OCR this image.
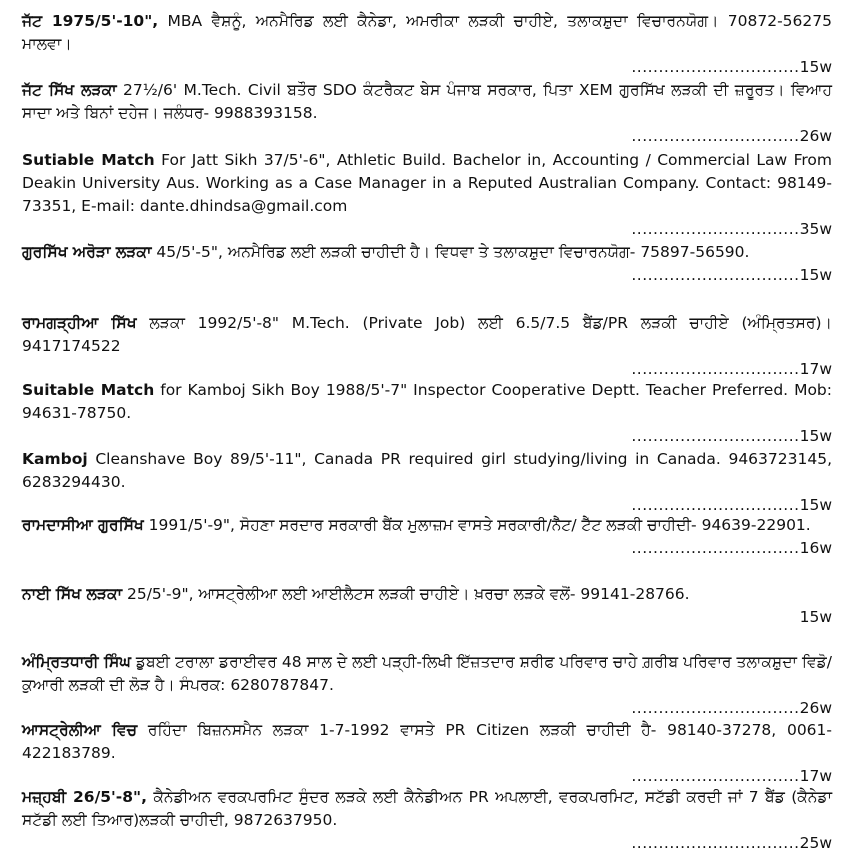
ਜੱਟ 1975/5'-10", MBA ਵੈਸ਼ਨੂੰ, ਅਨਮੈਰਿਡ ਲਈ ਕੈਨੇਡਾ, ਅਮਰੀਕਾ ਲੜਕੀ ਚਾਹੀਏ, ਤਲਾਕਸ਼ੁਦਾ ਵਿਚਾਰਨਯੋਗ। 70872-56275 ਮਾਲਵਾ।
...............................15w
ਜੱਟ ਸਿੱਖ ਲੜਕਾ 27½/6' M.Tech. Civil ਬਤੌਰ SDO ਕੰਟਰੈਕਟ ਬੇਸ ਪੰਜਾਬ ਸਰਕਾਰ, ਪਿਤਾ XEM ਗੁਰਸਿੱਖ ਲੜਕੀ ਦੀ ਜ਼ਰੂਰਤ। ਵਿਆਹ ਸਾਦਾ ਅਤੇ ਬਿਨਾਂ ਦਹੇਜ। ਜਲੰਧਰ- 9988393158.
...............................26w
Sutiable Match For Jatt Sikh 37/5'-6", Athletic Build. Bachelor in, Accounting / Commercial Law From Deakin University Aus. Working as a Case Manager in a Reputed Australian Company. Contact: 98149-73351, E-mail: dante.dhindsa@gmail.com
...............................35w
ਗੁਰਸਿੱਖ ਅਰੋੜਾ ਲੜਕਾ 45/5'-5", ਅਨਮੈਰਿਡ ਲਈ ਲੜਕੀ ਚਾਹੀਦੀ ਹੈ। ਵਿਧਵਾ ਤੇ ਤਲਾਕਸ਼ੁਦਾ ਵਿਚਾਰਨਯੋਗ- 75897-56590.
...............................15w
ਰਾਮਗੜ੍ਹੀਆ ਸਿੱਖ ਲੜਕਾ 1992/5'-8" M.Tech. (Private Job) ਲਈ 6.5/7.5 ਬੈਂਡ/PR ਲੜਕੀ ਚਾਹੀਏ (ਅੰਮ੍ਰਿਤਸਰ)। 9417174522
...............................17w
Suitable Match for Kamboj Sikh Boy 1988/5'-7" Inspector Cooperative Deptt. Teacher Preferred. Mob: 94631-78750.
...............................15w
Kamboj Cleanshave Boy 89/5'-11", Canada PR required girl studying/living in Canada. 9463723145, 6283294430.
...............................15w
ਰਾਮਦਾਸੀਆ ਗੁਰਸਿੱਖ 1991/5'-9", ਸੋਹਣਾ ਸਰਦਾਰ ਸਰਕਾਰੀ ਬੈਂਕ ਮੁਲਾਜ਼ਮ ਵਾਸਤੇ ਸਰਕਾਰੀ/ਨੈੱਟ/ ਟੈੱਟ ਲੜਕੀ ਚਾਹੀਦੀ- 94639-22901.
...............................16w
ਨਾਈ ਸਿੱਖ ਲੜਕਾ 25/5'-9", ਆਸਟ੍ਰੇਲੀਆ ਲਈ ਆਈਲੈਟਸ ਲੜਕੀ ਚਾਹੀਏ। ਖ਼ਰਚਾ ਲੜਕੇ ਵਲੋਂ- 99141-28766.
15w
ਅੰਮ੍ਰਿਤਧਾਰੀ ਸਿੰਘ ਡੁਬਈ ਟਰਾਲਾ ਡਰਾਈਵਰ 48 ਸਾਲ ਦੇ ਲਈ ਪੜ੍ਹੀ-ਲਿਖੀ ਇੱਜ਼ਤਦਾਰ ਸ਼ਰੀਫ ਪਰਿਵਾਰ ਚਾਹੇ ਗ਼ਰੀਬ ਪਰਿਵਾਰ ਤਲਾਕਸ਼ੁਦਾ ਵਿਡੋ/ਕੁਆਰੀ ਲੜਕੀ ਦੀ ਲੋੜ ਹੈ। ਸੰਪਰਕ: 6280787847.
...............................26w
ਆਸਟ੍ਰੇਲੀਆ ਵਿਚ ਰਹਿੰਦਾ ਬਿਜ਼ਨਸਮੈਨ ਲੜਕਾ 1-7-1992 ਵਾਸਤੇ PR Citizen ਲੜਕੀ ਚਾਹੀਦੀ ਹੈ- 98140-37278, 0061-422183789.
...............................17w
ਮਜ਼੍ਹਬੀ 26/5'-8", ਕੈਨੇਡੀਅਨ ਵਰਕਪਰਮਿਟ ਸੁੰਦਰ ਲੜਕੇ ਲਈ ਕੈਨੇਡੀਅਨ PR ਅਪਲਾਈ, ਵਰਕਪਰਮਿਟ, ਸਟੱਡੀ ਕਰਦੀ ਜਾਂ 7 ਬੈਂਡ (ਕੈਨੇਡਾ ਸਟੱਡੀ ਲਈ ਤਿਆਰ)ਲੜਕੀ ਚਾਹੀਦੀ, 9872637950.
...............................25w
